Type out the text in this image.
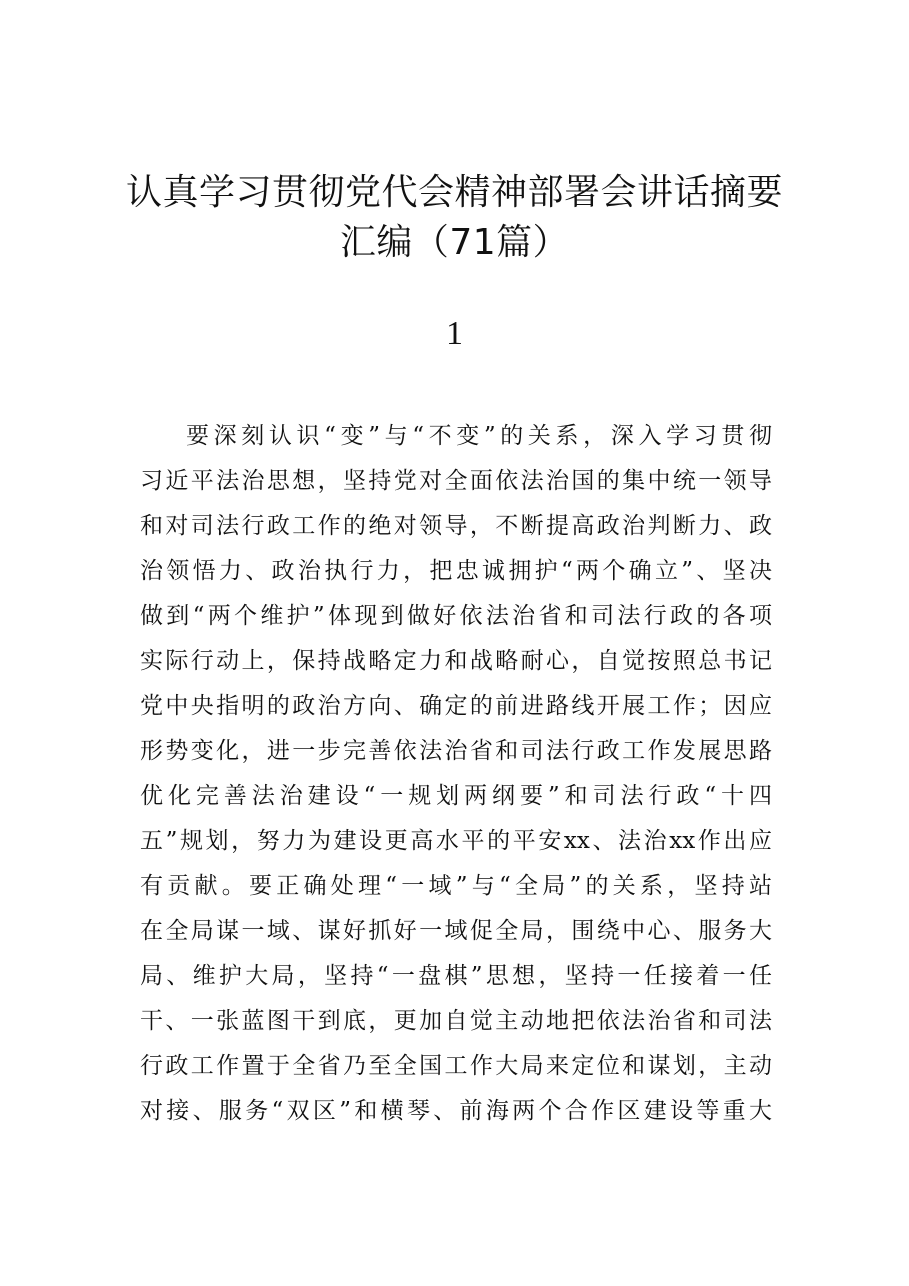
认真学习贯彻党代会精神部署会讲话摘要
汇编（71篇）
1
要深刻认识“变”与“不变”的关系，深入学习贯彻
习近平法治思想，坚持党对全面依法治国的集中统一领导
和对司法行政工作的绝对领导，不断提高政治判断力、政
治领悟力、政治执行力，把忠诚拥护“两个确立”、坚决
做到“两个维护”体现到做好依法治省和司法行政的各项
实际行动上，保持战略定力和战略耐心，自觉按照总书记
党中央指明的政治方向、确定的前进路线开展工作；因应
形势变化，进一步完善依法治省和司法行政工作发展思路
优化完善法治建设“一规划两纲要”和司法行政“十四
五”规划，努力为建设更高水平的平安xx、法治xx作出应
有贡献。要正确处理“一域”与“全局”的关系，坚持站
在全局谋一域、谋好抓好一域促全局，围绕中心、服务大
局、维护大局，坚持“一盘棋”思想，坚持一任接着一任
干、一张蓝图干到底，更加自觉主动地把依法治省和司法
行政工作置于全省乃至全国工作大局来定位和谋划，主动
对接、服务“双区”和横琴、前海两个合作区建设等重大
